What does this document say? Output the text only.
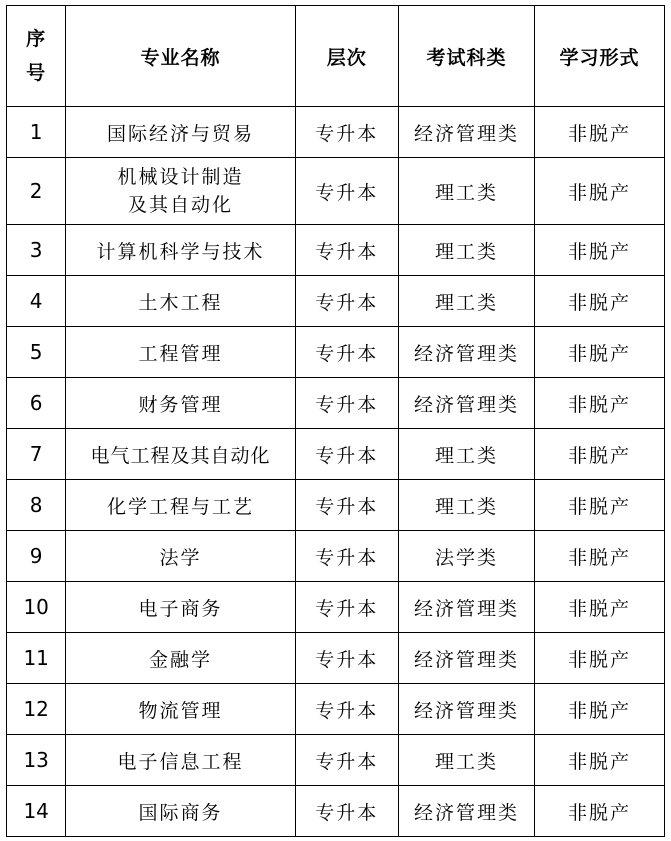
序
号	专业名称	层次	考试科类	学习形式
1	国际经济与贸易	专升本	经济管理类	非脱产
2	机械设计制造
及其自动化	专升本	理工类	非脱产
3	计算机科学与技术	专升本	理工类	非脱产
4	土木工程	专升本	理工类	非脱产
5	工程管理	专升本	经济管理类	非脱产
6	财务管理	专升本	经济管理类	非脱产
7	电气工程及其自动化	专升本	理工类	非脱产
8	化学工程与工艺	专升本	理工类	非脱产
9	法学	专升本	法学类	非脱产
10	电子商务	专升本	经济管理类	非脱产
11	金融学	专升本	经济管理类	非脱产
12	物流管理	专升本	经济管理类	非脱产
13	电子信息工程	专升本	理工类	非脱产
14	国际商务	专升本	经济管理类	非脱产
